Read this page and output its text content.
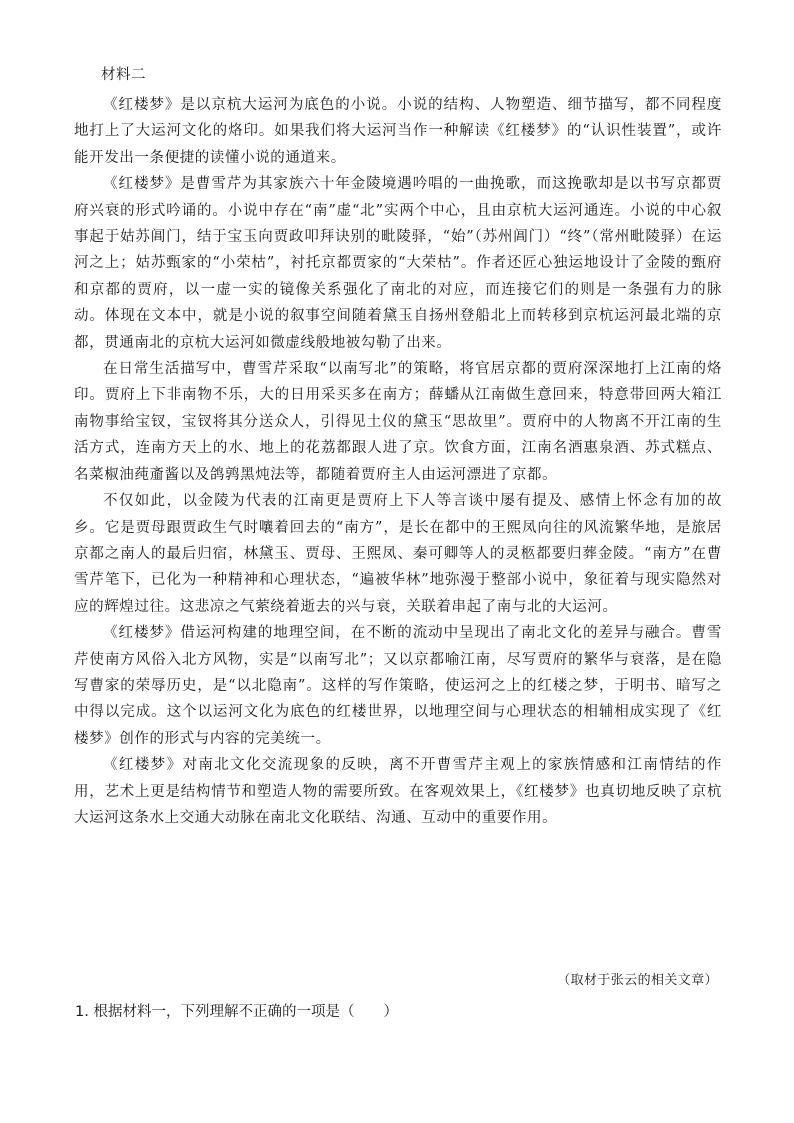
材料二

《红楼梦》是以京杭大运河为底色的小说。小说的结构、人物塑造、细节描写，都不同程度地打上了大运河文化的烙印。如果我们将大运河当作一种解读《红楼梦》的“认识性装置”，或许能开发出一条便捷的读懂小说的通道来。

《红楼梦》是曹雪芹为其家族六十年金陵境遇吟唱的一曲挽歌，而这挽歌却是以书写京都贾府兴衰的形式吟诵的。小说中存在“南”虚“北”实两个中心，且由京杭大运河通连。小说的中心叙事起于姑苏阊门，结于宝玉向贾政叩拜诀别的毗陵驿，“始”（苏州阊门）“终”（常州毗陵驿）在运河之上；姑苏甄家的“小荣枯”，衬托京都贾家的“大荣枯”。作者还匠心独运地设计了金陵的甄府和京都的贾府，以一虚一实的镜像关系强化了南北的对应，而连接它们的则是一条强有力的脉动。体现在文本中，就是小说的叙事空间随着黛玉自扬州登船北上而转移到京杭运河最北端的京都，贯通南北的京杭大运河如微虚线般地被勾勒了出来。

在日常生活描写中，曹雪芹采取“以南写北”的策略，将官居京都的贾府深深地打上江南的烙印。贾府上下非南物不乐，大的日用采买多在南方；薛蟠从江南做生意回来，特意带回两大箱江南物事给宝钗，宝钗将其分送众人，引得见土仪的黛玉“思故里”。贾府中的人物离不开江南的生活方式，连南方天上的水、地上的花荔都跟人进了京。饮食方面，江南名酒惠泉酒、苏式糕点、名菜椒油莼齑酱以及鸽鹑黑炖法等，都随着贾府主人由运河漂进了京都。

不仅如此，以金陵为代表的江南更是贾府上下人等言谈中屡有提及、感情上怀念有加的故乡。它是贾母跟贾政生气时嚷着回去的“南方”，是长在都中的王熙凤向往的风流繁华地，是旅居京都之南人的最后归宿，林黛玉、贾母、王熙凤、秦可卿等人的灵柩都要归葬金陵。“南方”在曹雪芹笔下，已化为一种精神和心理状态，“遍被华林”地弥漫于整部小说中，象征着与现实隐然对应的辉煌过往。这悲凉之气萦绕着逝去的兴与衰，关联着串起了南与北的大运河。

《红楼梦》借运河构建的地理空间，在不断的流动中呈现出了南北文化的差异与融合。曹雪芹使南方风俗入北方风物，实是“以南写北”；又以京都喻江南，尽写贾府的繁华与衰落，是在隐写曹家的荣辱历史，是“以北隐南”。这样的写作策略，使运河之上的红楼之梦，于明书、暗写之中得以完成。这个以运河文化为底色的红楼世界，以地理空间与心理状态的相辅相成实现了《红楼梦》创作的形式与内容的完美统一。

《红楼梦》对南北文化交流现象的反映，离不开曹雪芹主观上的家族情感和江南情结的作用，艺术上更是结构情节和塑造人物的需要所致。在客观效果上，《红楼梦》也真切地反映了京杭大运河这条水上交通大动脉在南北文化联结、沟通、互动中的重要作用。

（取材于张云的相关文章）
1. 根据材料一，下列理解不正确的一项是（　　）
